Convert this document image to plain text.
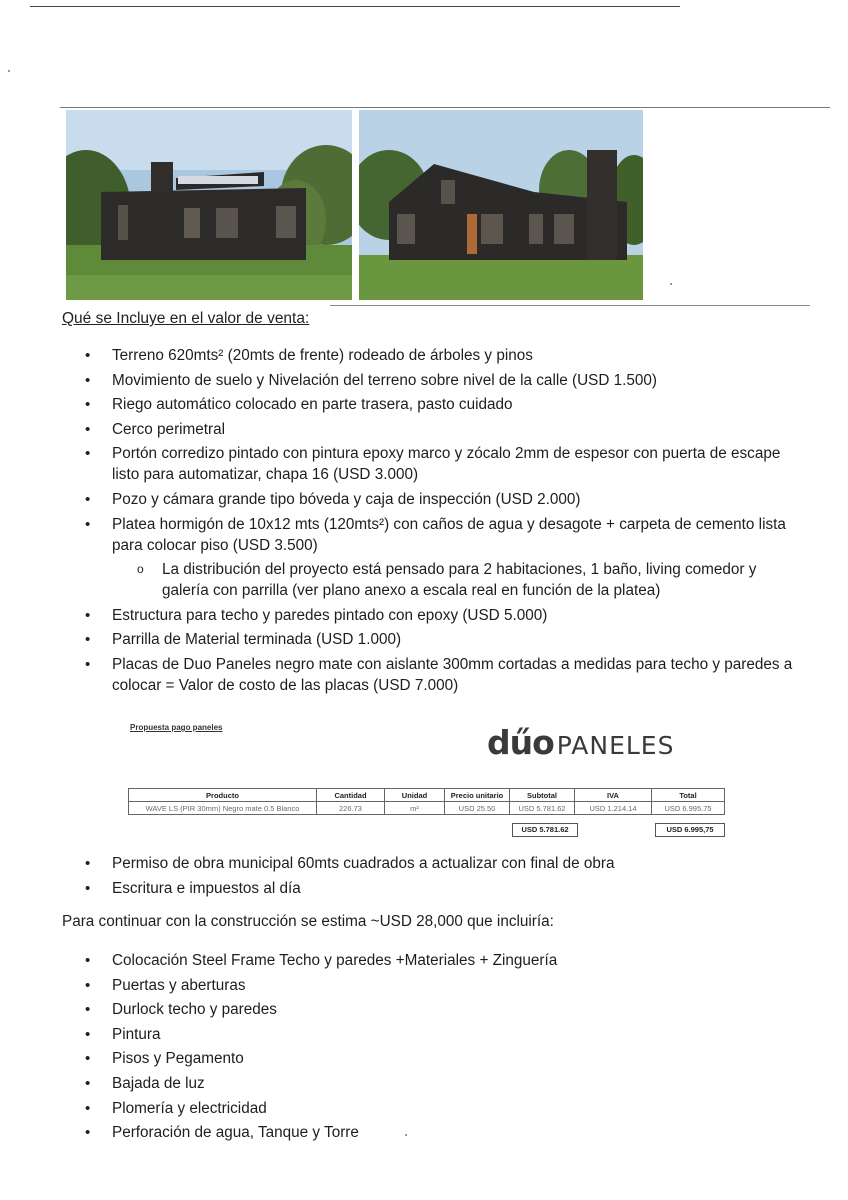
Qué se Incluye en el valor de venta:
• Terreno 620mts² (20mts de frente) rodeado de árboles y pinos
• Movimiento de suelo y Nivelación del terreno sobre nivel de la calle (USD 1.500)
• Riego automático colocado en parte trasera, pasto cuidado
• Cerco perimetral
• Portón corredizo pintado con pintura epoxy marco y zócalo 2mm de espesor con puerta de escape listo para automatizar, chapa 16 (USD 3.000)
• Pozo y cámara grande tipo bóveda y caja de inspección (USD 2.000)
• Platea hormigón de 10x12 mts (120mts²) con caños de agua y desagote + carpeta de cemento lista para colocar piso (USD 3.500)
o La distribución del proyecto está pensado para 2 habitaciones, 1 baño, living comedor y galería con parrilla (ver plano anexo a escala real en función de la platea)
• Estructura para techo y paredes pintado con epoxy (USD 5.000)
• Parrilla de Material terminada (USD 1.000)
• Placas de Duo Paneles negro mate con aislante 300mm cortadas a medidas para techo y paredes a colocar = Valor de costo de las placas (USD 7.000)
Propuesta pago paneles	dűo PANELES
Producto	Cantidad	Unidad	Precio unitario	Subtotal	IVA	Total
WAVE LS (PIR 30mm) Negro mate 0.5 Blanco	226.73	m²	USD 25.50	USD 5.781.62	USD 1.214.14	USD 6.995.75
USD 5.781.62	USD 6.995,75
• Permiso de obra municipal 60mts cuadrados a actualizar con final de obra
• Escritura e impuestos al día
Para continuar con la construcción se estima ~USD 28,000 que incluiría:
• Colocación Steel Frame Techo y paredes +Materiales + Zinguería
• Puertas y aberturas
• Durlock techo y paredes
• Pintura
• Pisos y Pegamento
• Bajada de luz
• Plomería y electricidad
• Perforación de agua, Tanque y Torre
